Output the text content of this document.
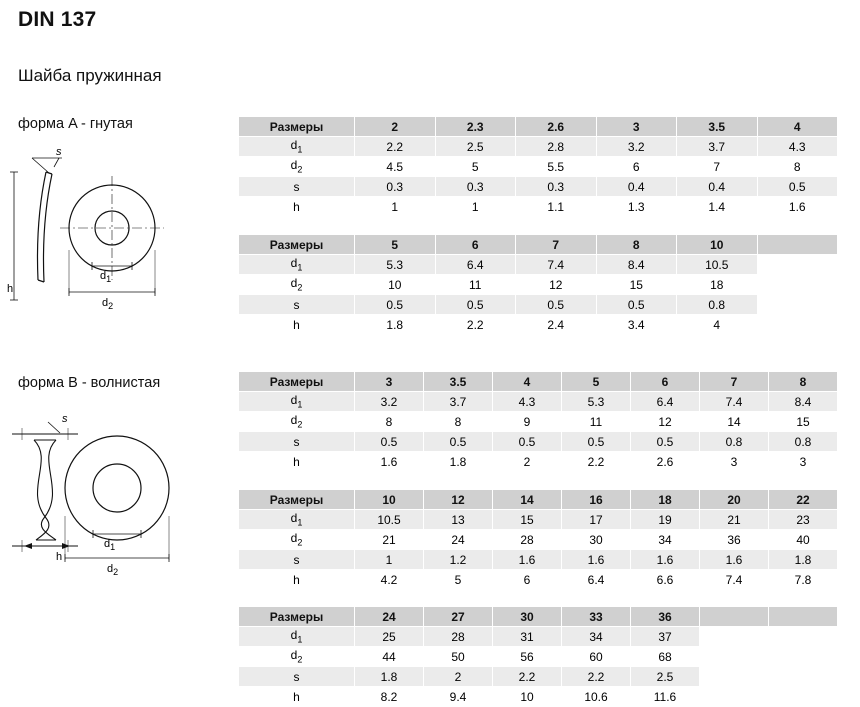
DIN 137
Шайба пружинная
форма A - гнутая
форма B - волнистая
s
h
$d_1$
$d_2$
s
h
$d_1$
$d_2$
Размеры	2	2.3	2.6	3	3.5	4
$d_1$	2.2	2.5	2.8	3.2	3.7	4.3
$d_2$	4.5	5	5.5	6	7	8
s	0.3	0.3	0.3	0.4	0.4	0.5
h	1	1	1.1	1.3	1.4	1.6
Размеры	5	6	7	8	10	
$d_1$	5.3	6.4	7.4	8.4	10.5	
$d_2$	10	11	12	15	18	
s	0.5	0.5	0.5	0.5	0.8	
h	1.8	2.2	2.4	3.4	4	
Размеры	3	3.5	4	5	6	7	8
$d_1$	3.2	3.7	4.3	5.3	6.4	7.4	8.4
$d_2$	8	8	9	11	12	14	15
s	0.5	0.5	0.5	0.5	0.5	0.8	0.8
h	1.6	1.8	2	2.2	2.6	3	3
Размеры	10	12	14	16	18	20	22
$d_1$	10.5	13	15	17	19	21	23
$d_2$	21	24	28	30	34	36	40
s	1	1.2	1.6	1.6	1.6	1.6	1.8
h	4.2	5	6	6.4	6.6	7.4	7.8
Размеры	24	27	30	33	36		
$d_1$	25	28	31	34	37		
$d_2$	44	50	56	60	68		
s	1.8	2	2.2	2.2	2.5		
h	8.2	9.4	10	10.6	11.6		
